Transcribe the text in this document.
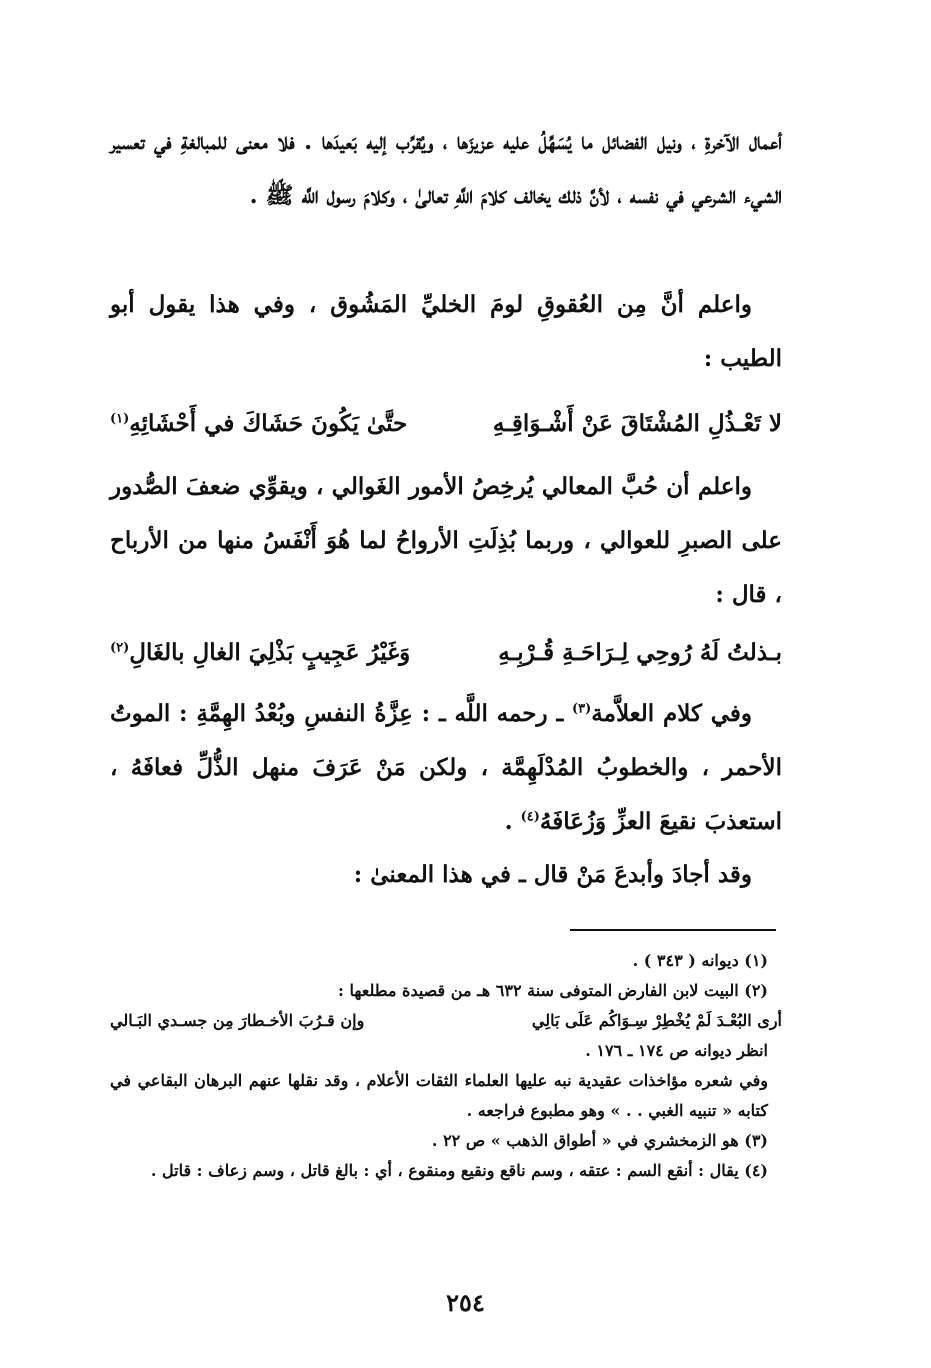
أعمال الآخرةِ ، ونيل الفضائل ما يُسَهِّلُ عليه عزيزَها ، ويُقرِّب إليه بَعيدَها . فلا معنى للمبالغةِ في تعسير الشيء الشرعي في نفسه ، لأنَّ ذلك يخالف كلامَ اللَّهِ تعالىٰ ، وكلامَ رسول اللَّه ﷺ .
واعلم أنَّ مِن العُقوقِ لومَ الخليِّ المَشُوق ، وفي هذا يقول أبو الطيب :
لا تَعْـذُلِ المُشْتَاقَ عَنْ أَشْـوَاقِـهِ
حتَّىٰ يَكُونَ حَشَاكَ في أَحْشَائِهِ$^{(١)}$
واعلم أن حُبَّ المعالي يُرخِصُ الأمور الغَوالي ، ويقوِّي ضعفَ الصُّدور على الصبرِ للعوالي ، وربما بُذِلَتِ الأرواحُ لما هُوَ أَنْفَسُ منها من الأرباح ، قال :
بـذلتُ لَهُ رُوحِي لِـرَاحَـةِ قُـرْبِـهِ
وَغَيْرُ عَجِيبٍ بَذْلِيَ الغالِ بالغَالِ$^{(٢)}$
وفي كلام العلاَّمة$^{(٣)}$ ـ رحمه اللَّه ـ : عِزَّةُ النفسِ وبُعْدُ الهِمَّةِ : الموتُ الأحمر ، والخطوبُ المُدْلَهِمَّة ، ولكن مَنْ عَرَفَ منهل الذُّلِّ فعافَهُ ، استعذبَ نقيعَ العزِّ وَزُعَافَهُ$^{(٤)}$ .
وقد أجادَ وأبدعَ مَنْ قال ـ في هذا المعنىٰ :
(١) ديوانه ( ٣٤٣ ) .
(٢) البيت لابن الفارض المتوفى سنة ٦٣٢ هـ من قصيدة مطلعها :
أرى البُعْـدَ لَمْ يُخْطِرْ سِـوَاكُم عَلَى بَالِي
وإن قـرُبَ الأخـطارَ مِن جسـدي البَـالي
انظر ديوانه ص ١٧٤ ـ ١٧٦ .
وفي شعره مؤاخذات عقيدية نبه عليها العلماء الثقات الأعلام ، وقد نقلها عنهم البرهان البقاعي في كتابه « تنبيه الغبي . . » وهو مطبوع فراجعه .
(٣) هو الزمخشري في « أطواق الذهب » ص ٢٢ .
(٤) يقال : أنقع السم : عتقه ، وسم ناقع ونقيع ومنقوع ، أي : بالغ قاتل ، وسم زعاف : قاتل .
٢٥٤
